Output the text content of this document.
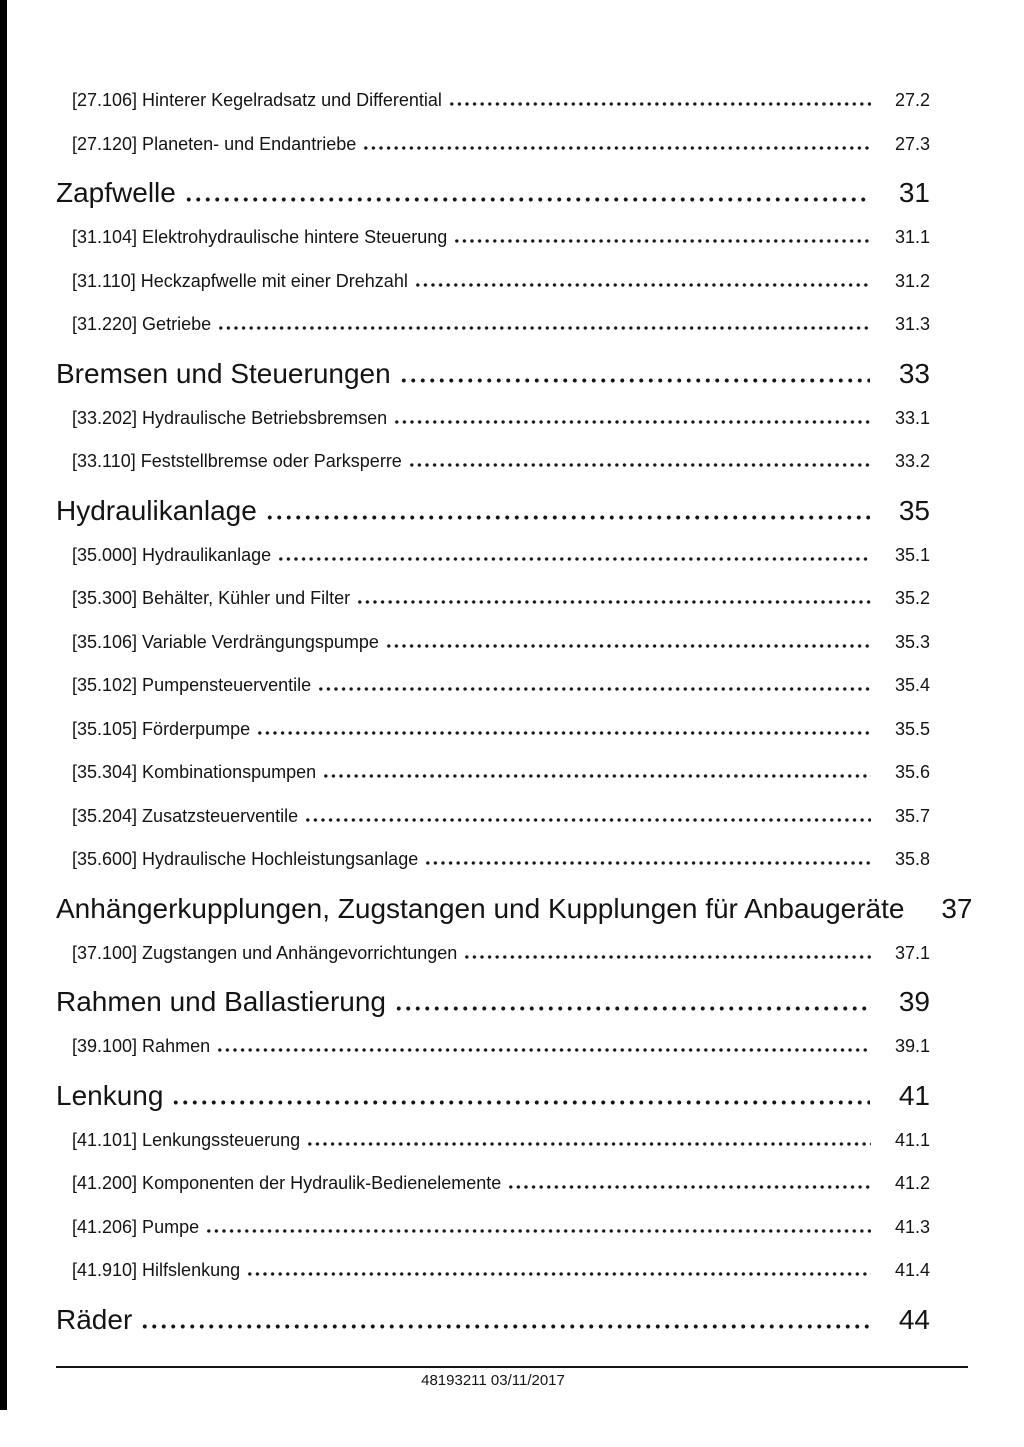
[27.106] Hinterer Kegelradsatz und Differential	27.2
[27.120] Planeten- und Endantriebe	27.3
Zapfwelle	31
[31.104] Elektrohydraulische hintere Steuerung	31.1
[31.110] Heckzapfwelle mit einer Drehzahl	31.2
[31.220] Getriebe	31.3
Bremsen und Steuerungen	33
[33.202] Hydraulische Betriebsbremsen	33.1
[33.110] Feststellbremse oder Parksperre	33.2
Hydraulikanlage	35
[35.000] Hydraulikanlage	35.1
[35.300] Behälter, Kühler und Filter	35.2
[35.106] Variable Verdrängungspumpe	35.3
[35.102] Pumpensteuerventile	35.4
[35.105] Förderpumpe	35.5
[35.304] Kombinationspumpen	35.6
[35.204] Zusatzsteuerventile	35.7
[35.600] Hydraulische Hochleistungsanlage	35.8
Anhängerkupplungen, Zugstangen und Kupplungen für Anbaugeräte	37
[37.100] Zugstangen und Anhängevorrichtungen	37.1
Rahmen und Ballastierung	39
[39.100] Rahmen	39.1
Lenkung	41
[41.101] Lenkungssteuerung	41.1
[41.200] Komponenten der Hydraulik-Bedienelemente	41.2
[41.206] Pumpe	41.3
[41.910] Hilfslenkung	41.4
Räder	44
48193211 03/11/2017
